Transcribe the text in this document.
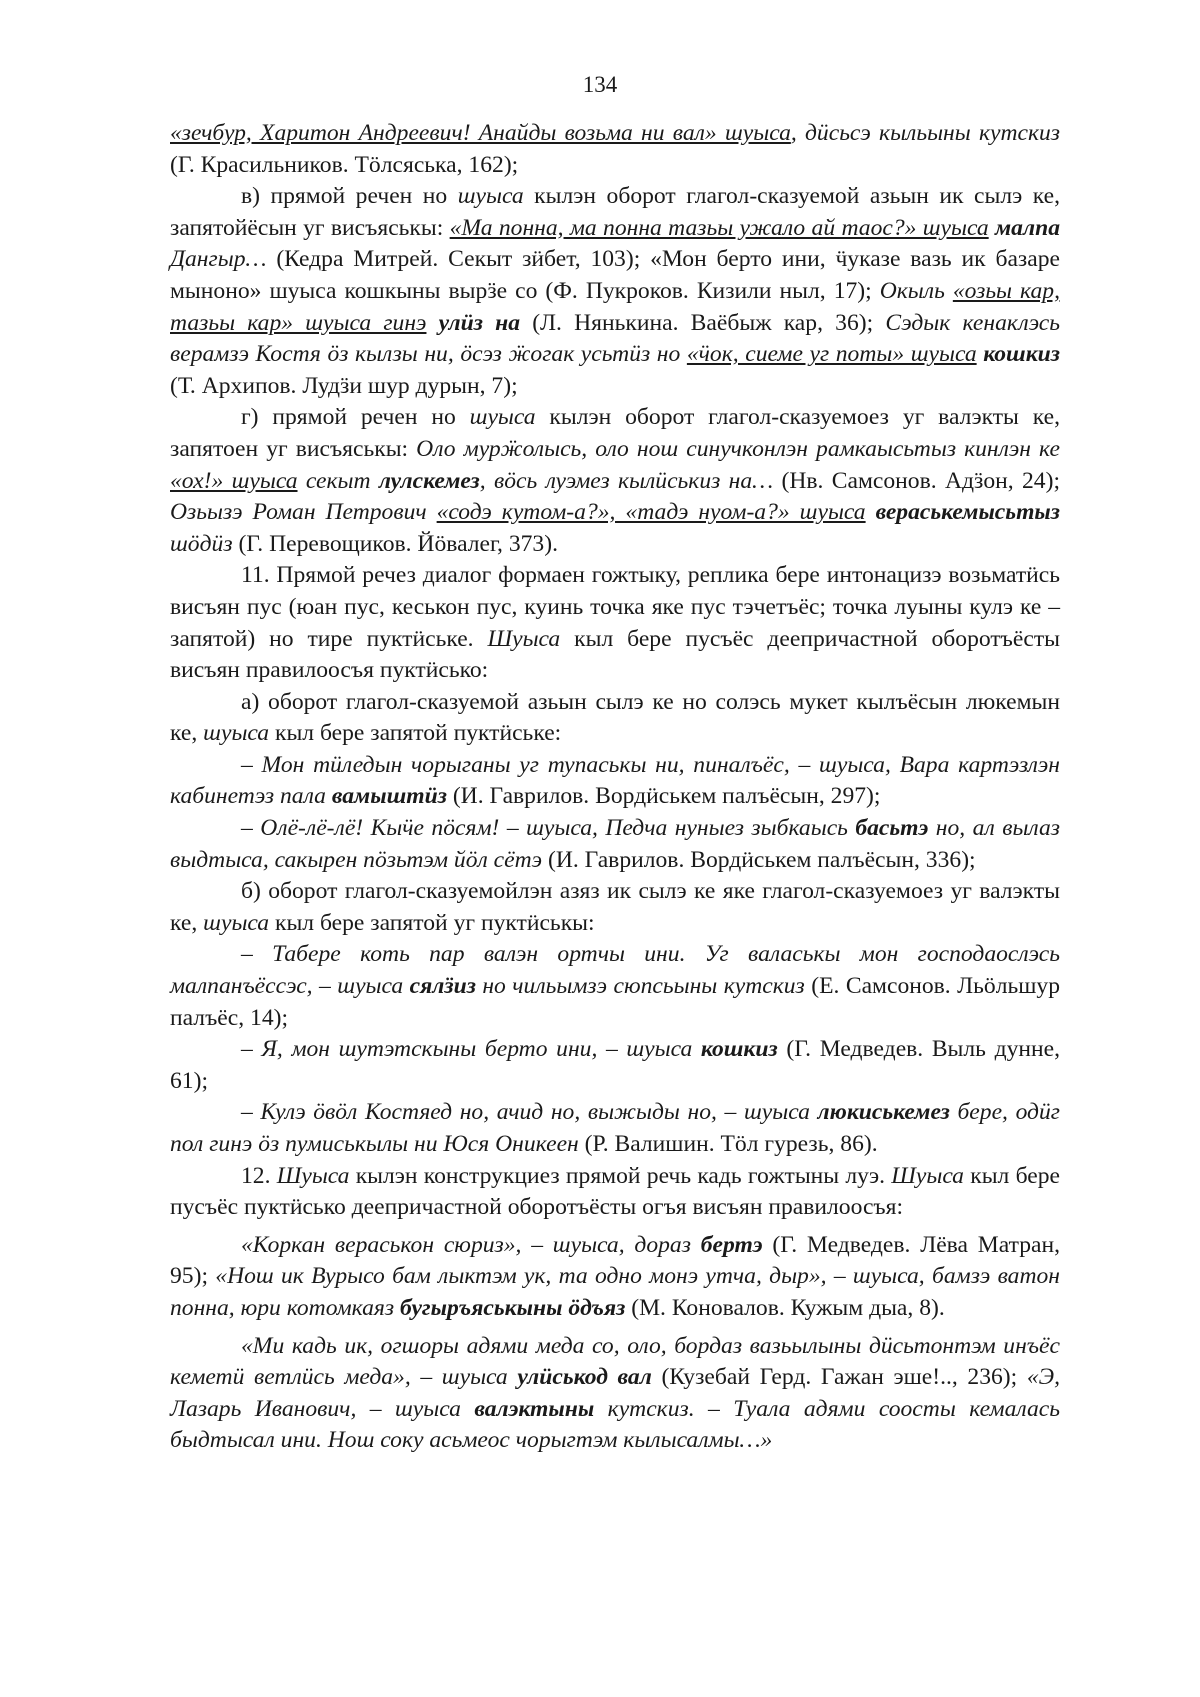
134

«зечбур, Харитон Андреевич! Анайды возьма ни вал» шуыса, дӥсьсэ кыльыны кутскиз (Г. Красильников. Тӧлсяська, 162);

в) прямой речен но шуыса кылэн оборот глагол-сказуемой азьын ик сылэ ке, запятойёсын уг висъяськы: «Ма понна, ма понна тазьы ужало ай таос?» шуыса малпа Дангыр… (Кедра Митрей. Секыт зӥбет, 103); «Мон берто ини, ӵуказе вазь ик базаре мыноно» шуыса кошкыны вырӟе со (Ф. Пукроков. Кизили ныл, 17); Окыль «озьы кар, тазьы кар» шуыса гинэ улӥз на (Л. Нянькина. Ваёбыж кар, 36); Сэдык кенаклэсь верамзэ Костя ӧз кылзы ни, ӧсэз ӝогак усьтӥз но «ӵок, сиеме уг поты» шуыса кошкиз (Т. Архипов. Лудӟи шур дурын, 7);

г) прямой речен но шуыса кылэн оборот глагол-сказуемоез уг валэкты ке, запятоен уг висъяськы: Оло мурӝолысь, оло нош синучконлэн рамкаысьтыз кинлэн ке «ох!» шуыса секыт лулскемез, вӧсь луэмез кылӥськиз на… (Нв. Самсонов. Адӟон, 24); Озьызэ Роман Петрович «содэ кутом-а?», «тадэ нуом-а?» шуыса вераськемысьтыз шӧдӥз (Г. Перевощиков. Йӧвалег, 373).

11. Прямой речез диалог формаен гожтыку, реплика бере интонацизэ возьматӥсь висъян пус (юан пус, кеськон пус, куинь точка яке пус тэчетъёс; точка луыны кулэ ке – запятой) но тире пуктӥське. Шуыса кыл бере пусъёс деепричастной оборотъёсты висъян правилоосъя пуктӥсько:

а) оборот глагол-сказуемой азьын сылэ ке но солэсь мукет кылъёсын люкемын ке, шуыса кыл бере запятой пуктӥське:

– Мон тӥледын чорыганы уг тупаськы ни, пиналъёс, – шуыса, Вара картэзлэн кабинетэз пала вамыштӥз (И. Гаврилов. Вордӥськем палъёсын, 297);

– Олё-лё-лё! Кыӵе пӧсям! – шуыса, Педча нуныез зыбкаысь басьтэ но, ал вылаз выдтыса, сакырен пӧзьтэм йӧл сётэ (И. Гаврилов. Вордӥськем палъёсын, 336);

б) оборот глагол-сказуемойлэн азяз ик сылэ ке яке глагол-сказуемоез уг валэкты ке, шуыса кыл бере запятой уг пуктӥськы:

– Табере коть пар валэн ортчы ини. Уг валаськы мон господаослэсь малпанъёссэс, – шуыса сялӟиз но чильымзэ сюпсьыны кутскиз (Е. Самсонов. Льӧльшур палъёс, 14);

– Я, мон шутэтскыны берто ини, – шуыса кошкиз (Г. Медведев. Выль дунне, 61);

– Кулэ ӧвӧл Костяед но, ачид но, выжыды но, – шуыса люкиськемез бере, одӥг пол гинэ ӧз пумиськылы ни Юся Оникеен (Р. Валишин. Тӧл гурезь, 86).

12. Шуыса кылэн конструкциез прямой речь кадь гожтыны луэ. Шуыса кыл бере пусъёс пуктӥсько деепричастной оборотъёсты огъя висъян правилоосъя:

«Коркан вераськон сюриз», – шуыса, дораз бертэ (Г. Медведев. Лёва Матран, 95); «Нош ик Вурысо бам лыктэм ук, та одно монэ утча, дыр», – шуыса, бамзэ ватон понна, юри котомкаяз бугыръяськыны ӧдъяз (М. Коновалов. Кужым дыа, 8).

«Ми кадь ик, огшоры адями меда со, оло, бордаз вазьылыны дӥсьтонтэм инъёс кеметӥ ветлӥсь меда», – шуыса улӥськод вал (Кузебай Герд. Гажан эше!.., 236); «Э, Лазарь Иванович, – шуыса валэктыны кутскиз. – Туала адями сооcты кемалась быдтысал ини. Нош соку асьмеос чорыгтэм кылысалмы…»
